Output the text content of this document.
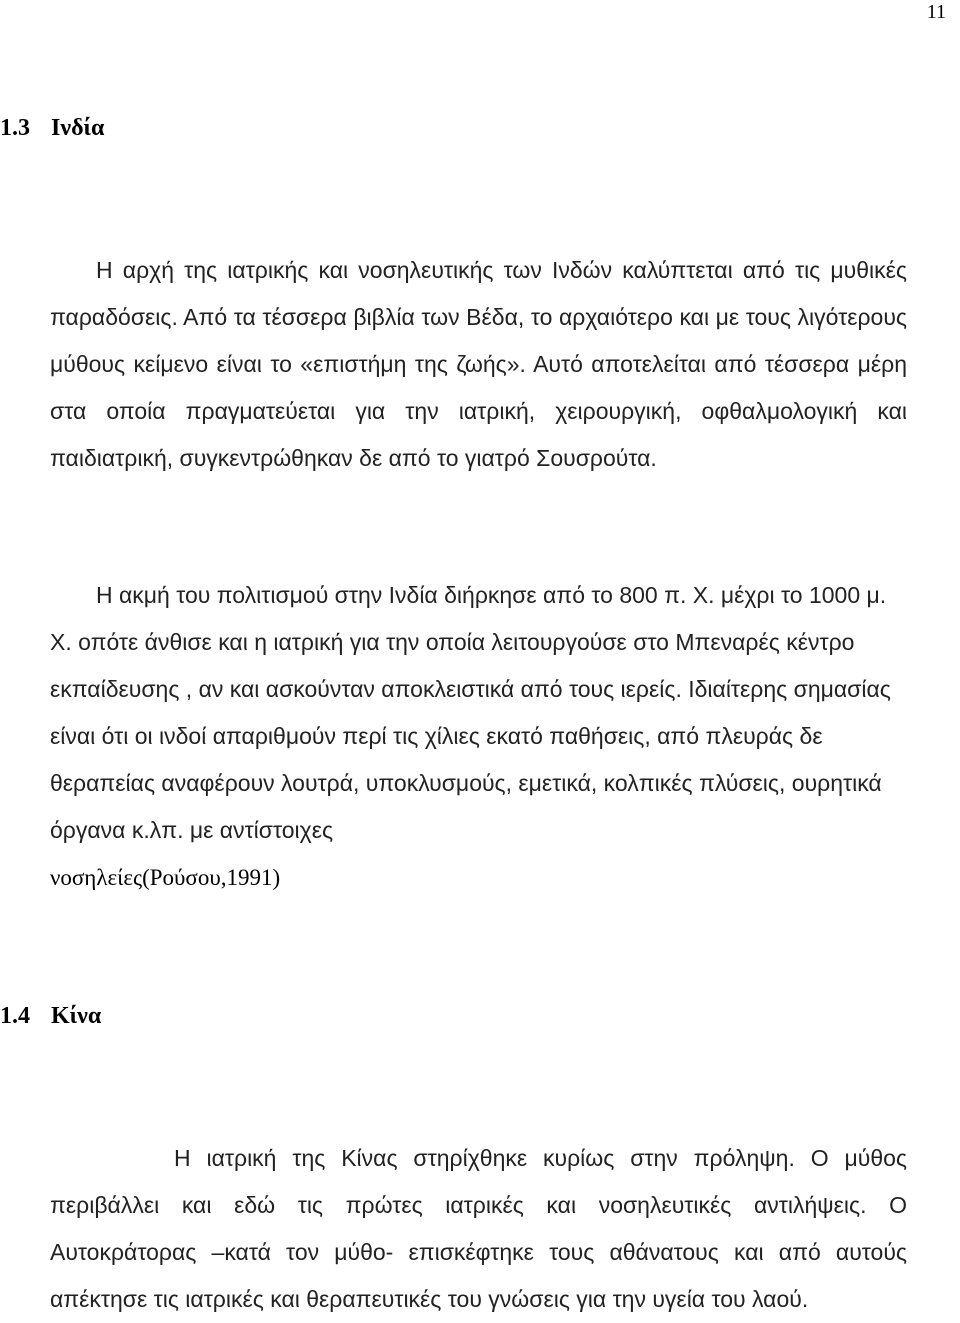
11
1.3 Ινδία

Η αρχή της ιατρικής και νοσηλευτικής των Ινδών καλύπτεται από τις μυθικές παραδόσεις. Από τα τέσσερα βιβλία των Βέδα, το αρχαιότερο και με τους λιγότερους μύθους κείμενο είναι το «επιστήμη της ζωής». Αυτό αποτελείται από τέσσερα μέρη στα οποία πραγματεύεται για την ιατρική, χειρουργική, οφθαλμολογική και παιδιατρική, συγκεντρώθηκαν δε από το γιατρό Σουσρούτα.

Η ακμή του πολιτισμού στην Ινδία διήρκησε από το 800 π. Χ. μέχρι το 1000 μ. Χ. οπότε άνθισε και η ιατρική για την οποία λειτουργούσε στο Μπεναρές κέντρο εκπαίδευσης , αν και ασκούνταν αποκλειστικά από τους ιερείς. Ιδιαίτερης σημασίας είναι ότι οι ινδοί απαριθμούν περί τις χίλιες εκατό παθήσεις, από πλευράς δε θεραπείας αναφέρουν λουτρά, υποκλυσμούς, εμετικά, κολπικές πλύσεις, ουρητικά όργανα κ.λπ. με αντίστοιχες
νοσηλείες(Ρούσου,1991)

1.4 Κίνα

Η ιατρική της Κίνας στηρίχθηκε κυρίως στην πρόληψη. Ο μύθος περιβάλλει και εδώ τις πρώτες ιατρικές και νοσηλευτικές αντιλήψεις. Ο Αυτοκράτορας –κατά τον μύθο- επισκέφτηκε τους αθάνατους και από αυτούς απέκτησε τις ιατρικές και θεραπευτικές του γνώσεις για την υγεία του λαού.
